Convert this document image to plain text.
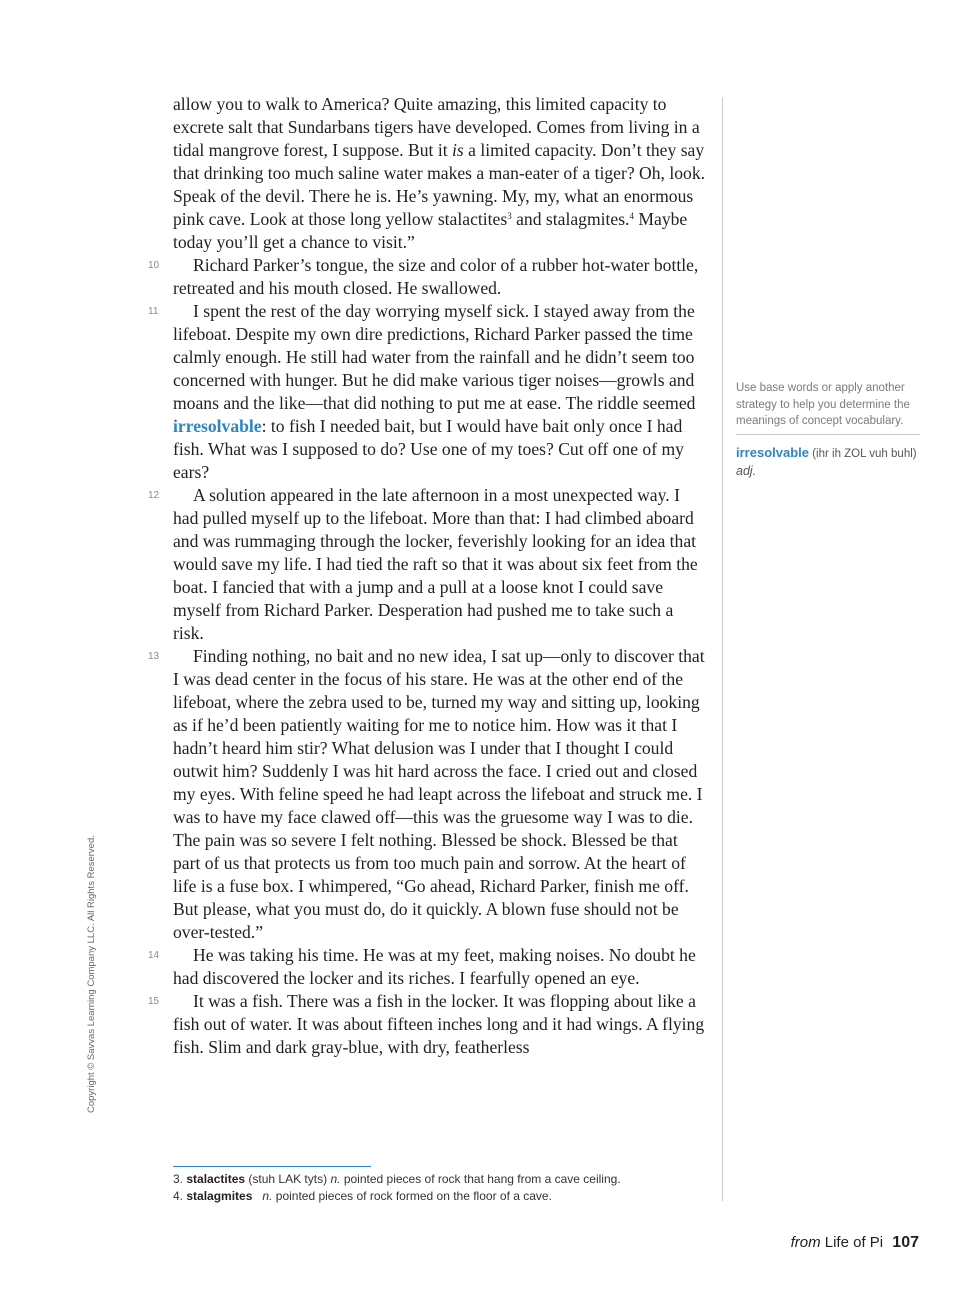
allow you to walk to America? Quite amazing, this limited capacity to excrete salt that Sundarbans tigers have developed. Comes from living in a tidal mangrove forest, I suppose. But it is a limited capacity. Don’t they say that drinking too much saline water makes a man-eater of a tiger? Oh, look. Speak of the devil. There he is. He’s yawning. My, my, what an enormous pink cave. Look at those long yellow stalactites$^3$ and stalagmites.$^4$ Maybe today you’ll get a chance to visit.”

10 Richard Parker’s tongue, the size and color of a rubber hot-water bottle, retreated and his mouth closed. He swallowed.

11 I spent the rest of the day worrying myself sick. I stayed away from the lifeboat. Despite my own dire predictions, Richard Parker passed the time calmly enough. He still had water from the rainfall and he didn’t seem too concerned with hunger. But he did make various tiger noises—growls and moans and the like—that did nothing to put me at ease. The riddle seemed irresolvable: to fish I needed bait, but I would have bait only once I had fish. What was I supposed to do? Use one of my toes? Cut off one of my ears?

12 A solution appeared in the late afternoon in a most unexpected way. I had pulled myself up to the lifeboat. More than that: I had climbed aboard and was rummaging through the locker, feverishly looking for an idea that would save my life. I had tied the raft so that it was about six feet from the boat. I fancied that with a jump and a pull at a loose knot I could save myself from Richard Parker. Desperation had pushed me to take such a risk.

13 Finding nothing, no bait and no new idea, I sat up—only to discover that I was dead center in the focus of his stare. He was at the other end of the lifeboat, where the zebra used to be, turned my way and sitting up, looking as if he’d been patiently waiting for me to notice him. How was it that I hadn’t heard him stir? What delusion was I under that I thought I could outwit him? Suddenly I was hit hard across the face. I cried out and closed my eyes. With feline speed he had leapt across the lifeboat and struck me. I was to have my face clawed off—this was the gruesome way I was to die. The pain was so severe I felt nothing. Blessed be shock. Blessed be that part of us that protects us from too much pain and sorrow. At the heart of life is a fuse box. I whimpered, “Go ahead, Richard Parker, finish me off. But please, what you must do, do it quickly. A blown fuse should not be over-tested.”

14 He was taking his time. He was at my feet, making noises. No doubt he had discovered the locker and its riches. I fearfully opened an eye.

15 It was a fish. There was a fish in the locker. It was flopping about like a fish out of water. It was about fifteen inches long and it had wings. A flying fish. Slim and dark gray-blue, with dry, featherless

Use base words or apply another strategy to help you determine the meanings of concept vocabulary.
irresolvable (ihr ih ZOL vuh buhl) adj.
3. stalactites (stuh LAK tyts) n. pointed pieces of rock that hang from a cave ceiling.
4. stalagmites n. pointed pieces of rock formed on the floor of a cave.
Copyright © Savvas Learning Company LLC. All Rights Reserved.
from Life of Pi 107
